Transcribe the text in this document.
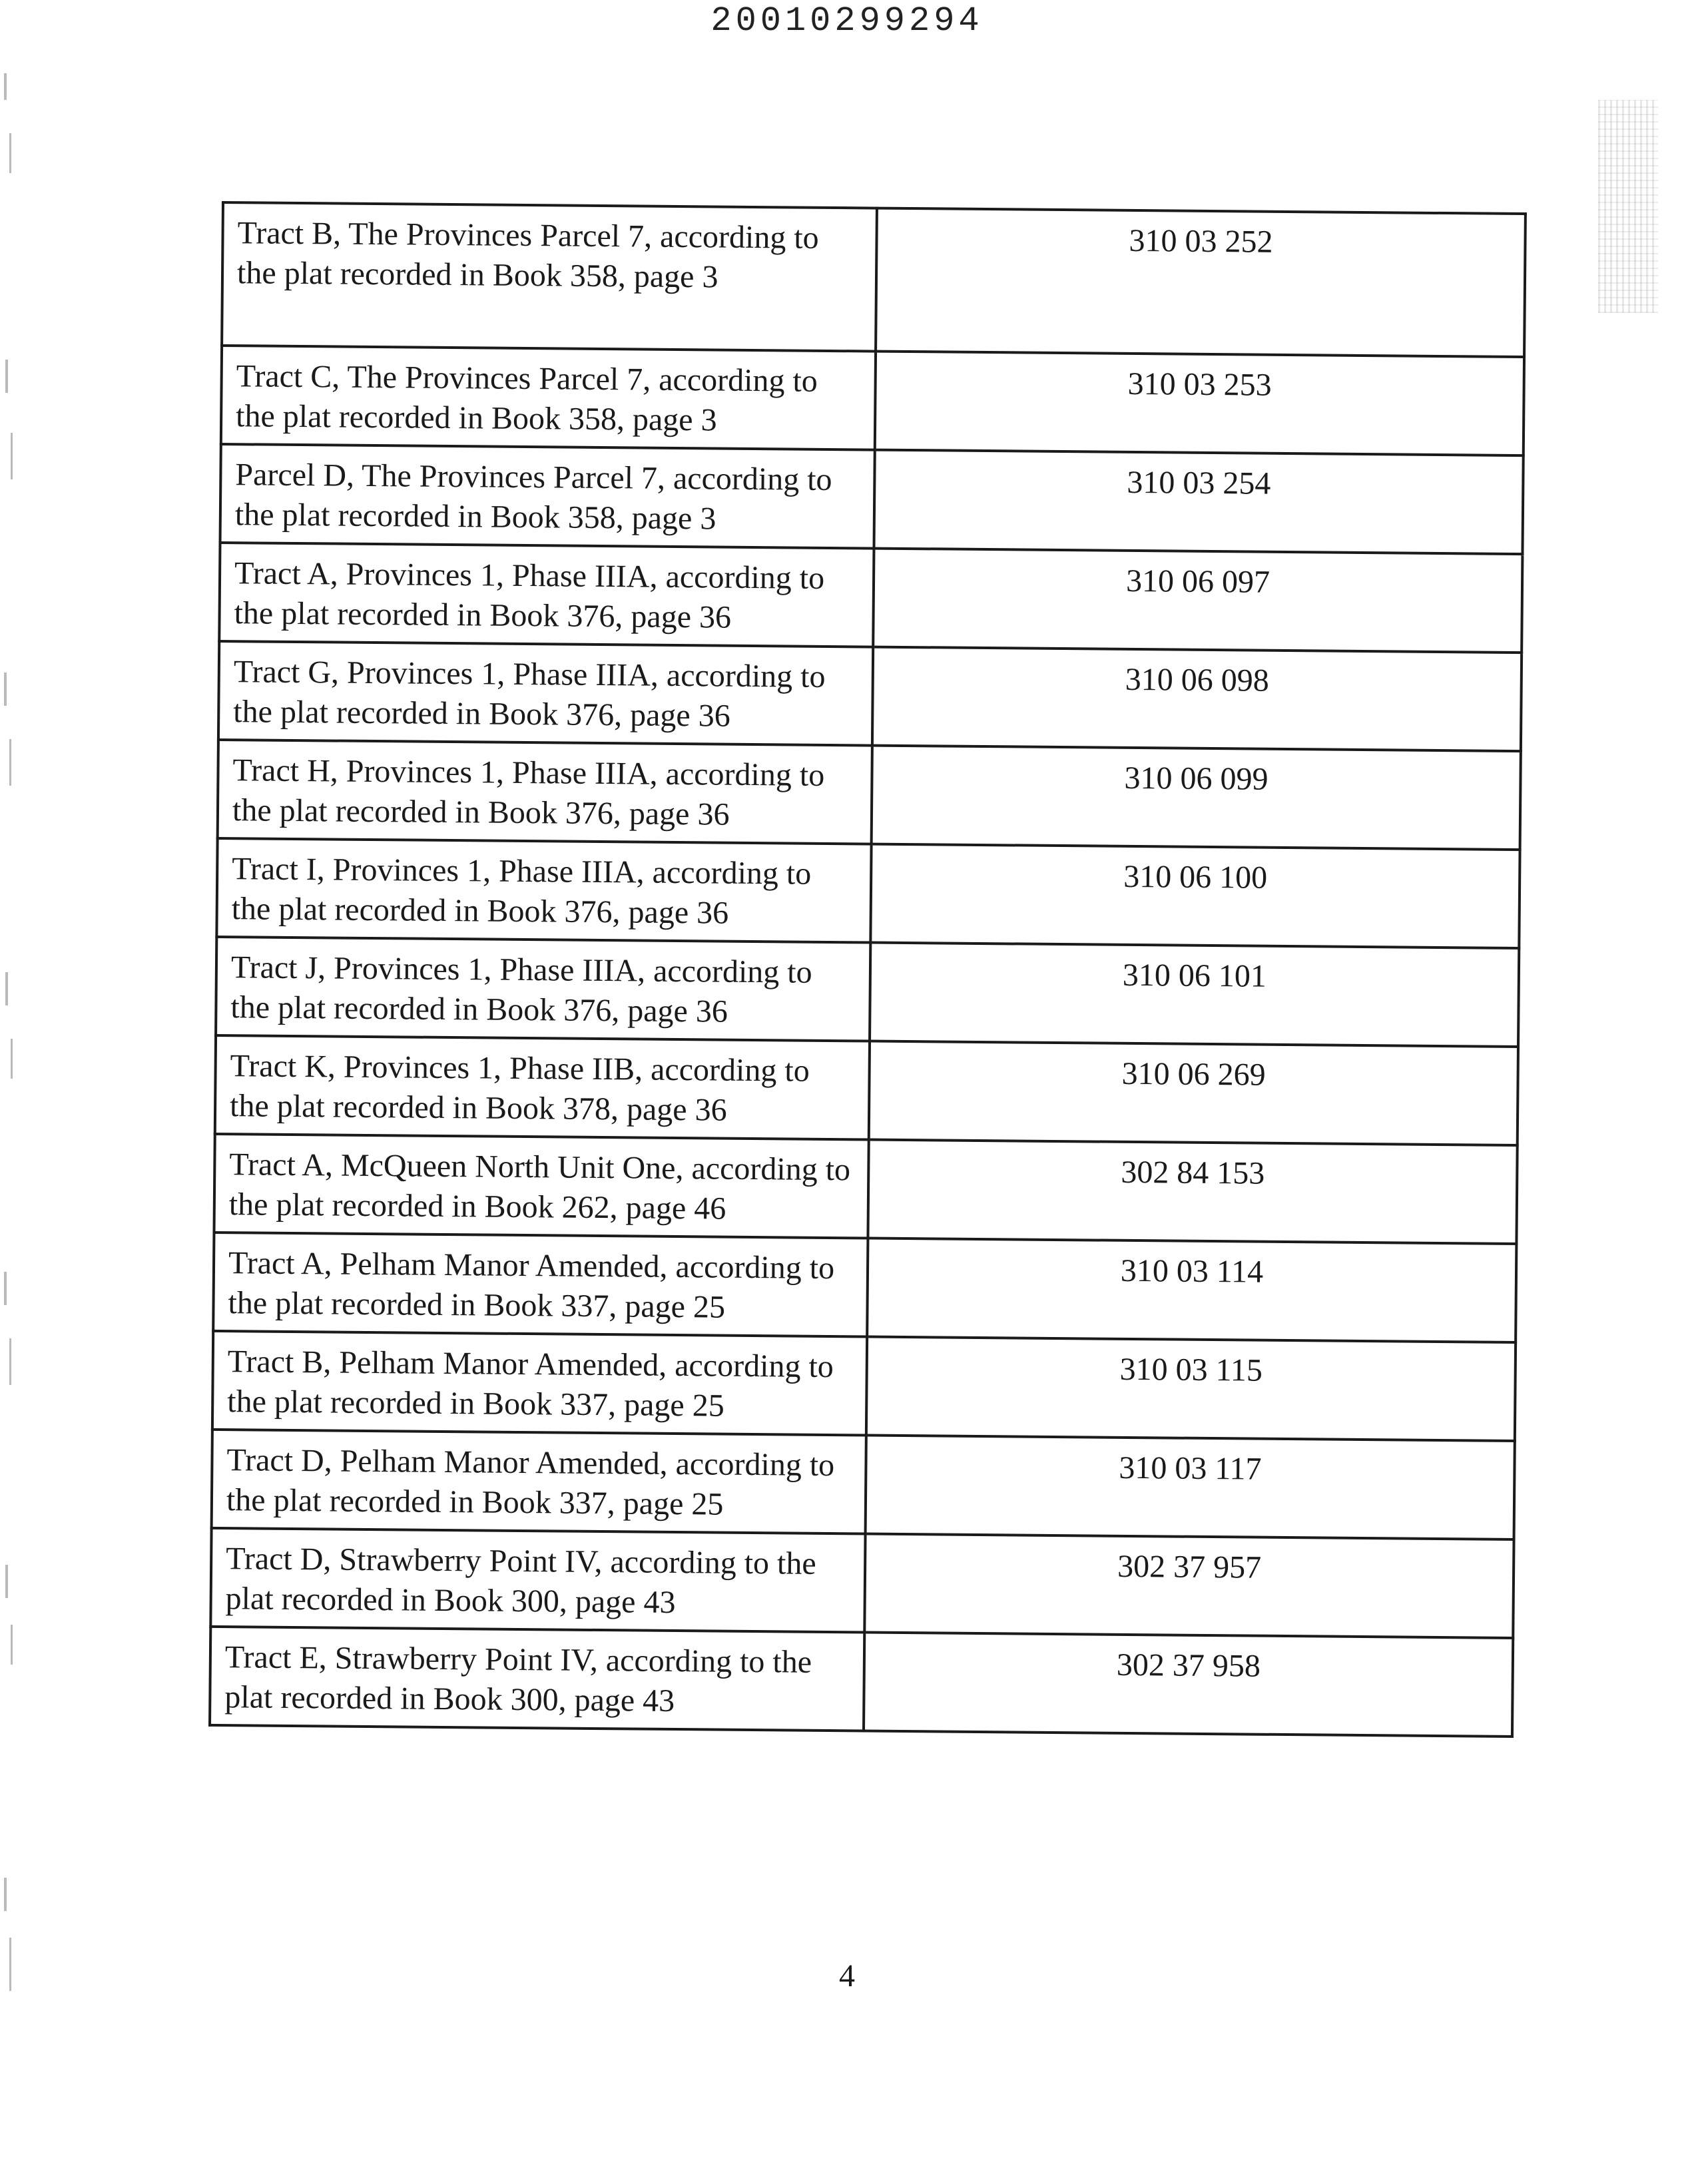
20010299294
Tract B, The Provinces Parcel 7, according to the plat recorded in Book 358, page 3	310 03 252
Tract C, The Provinces Parcel 7, according to the plat recorded in Book 358, page 3	310 03 253
Parcel D, The Provinces Parcel 7, according to the plat recorded in Book 358, page 3	310 03 254
Tract A, Provinces 1, Phase IIIA, according to the plat recorded in Book 376, page 36	310 06 097
Tract G, Provinces 1, Phase IIIA, according to the plat recorded in Book 376, page 36	310 06 098
Tract H, Provinces 1, Phase IIIA, according to the plat recorded in Book 376, page 36	310 06 099
Tract I, Provinces 1, Phase IIIA, according to the plat recorded in Book 376, page 36	310 06 100
Tract J, Provinces 1, Phase IIIA, according to the plat recorded in Book 376, page 36	310 06 101
Tract K, Provinces 1, Phase IIB, according to the plat recorded in Book 378, page 36	310 06 269
Tract A, McQueen North Unit One, according to the plat recorded in Book 262, page 46	302 84 153
Tract A, Pelham Manor Amended, according to the plat recorded in Book 337, page 25	310 03 114
Tract B, Pelham Manor Amended, according to the plat recorded in Book 337, page 25	310 03 115
Tract D, Pelham Manor Amended, according to the plat recorded in Book 337, page 25	310 03 117
Tract D, Strawberry Point IV, according to the plat recorded in Book 300, page 43	302 37 957
Tract E, Strawberry Point IV, according to the plat recorded in Book 300, page 43	302 37 958
4
